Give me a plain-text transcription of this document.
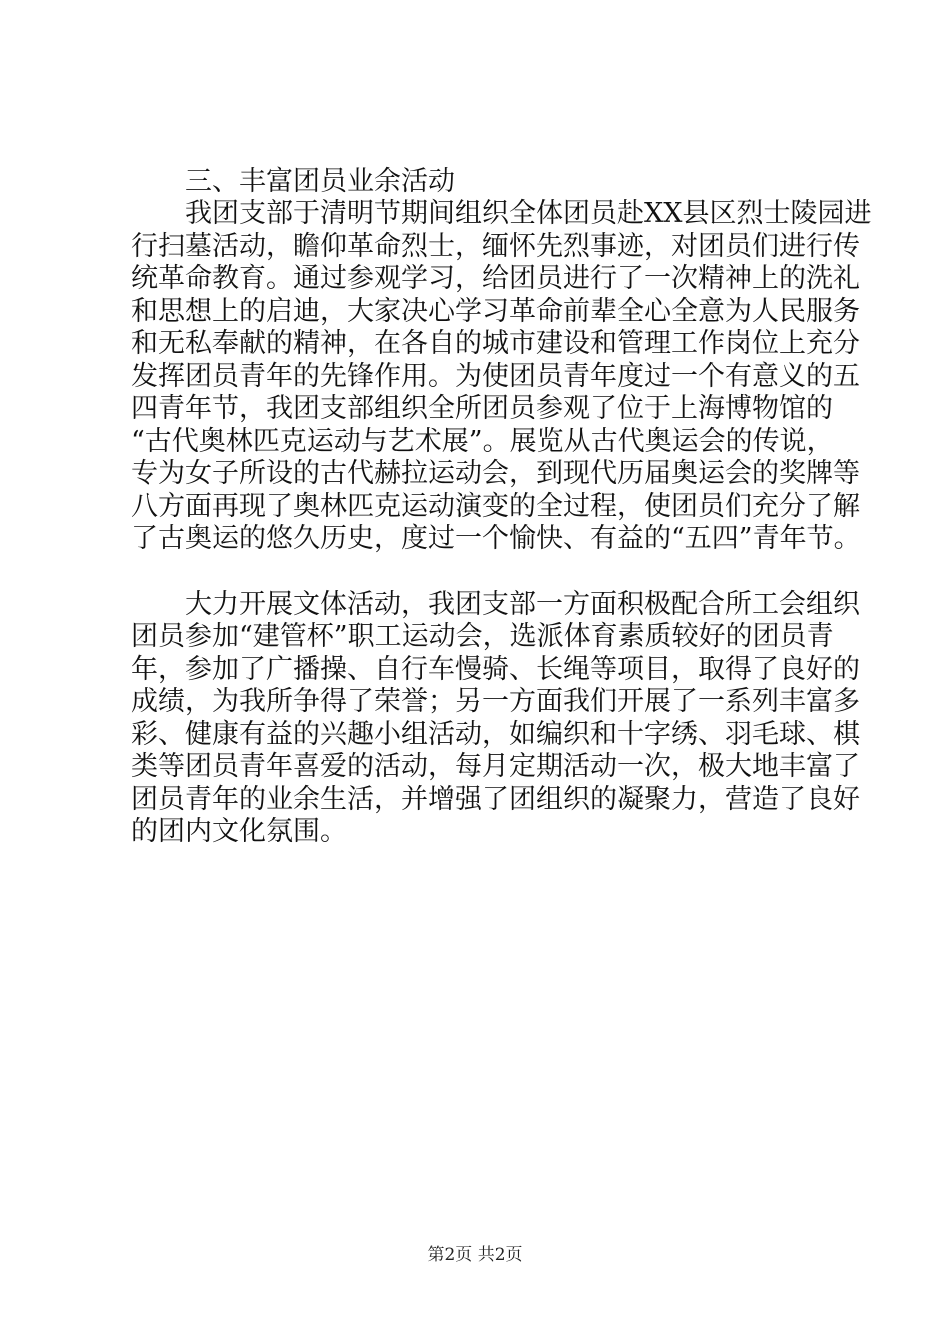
三、丰富团员业余活动

我团支部于清明节期间组织全体团员赴XX县区烈士陵园进
行扫墓活动，瞻仰革命烈士，缅怀先烈事迹，对团员们进行传
统革命教育。通过参观学习，给团员进行了一次精神上的洗礼
和思想上的启迪，大家决心学习革命前辈全心全意为人民服务
和无私奉献的精神，在各自的城市建设和管理工作岗位上充分
发挥团员青年的先锋作用。为使团员青年度过一个有意义的五
四青年节，我团支部组织全所团员参观了位于上海博物馆的
“古代奥林匹克运动与艺术展”。展览从古代奥运会的传说，
专为女子所设的古代赫拉运动会，到现代历届奥运会的奖牌等
八方面再现了奥林匹克运动演变的全过程，使团员们充分了解
了古奥运的悠久历史，度过一个愉快、有益的“五四”青年节。

大力开展文体活动，我团支部一方面积极配合所工会组织
团员参加“建管杯”职工运动会，选派体育素质较好的团员青
年，参加了广播操、自行车慢骑、长绳等项目，取得了良好的
成绩，为我所争得了荣誉；另一方面我们开展了一系列丰富多
彩、健康有益的兴趣小组活动，如编织和十字绣、羽毛球、棋
类等团员青年喜爱的活动，每月定期活动一次，极大地丰富了
团员青年的业余生活，并增强了团组织的凝聚力，营造了良好
的团内文化氛围。

第2页 共2页
